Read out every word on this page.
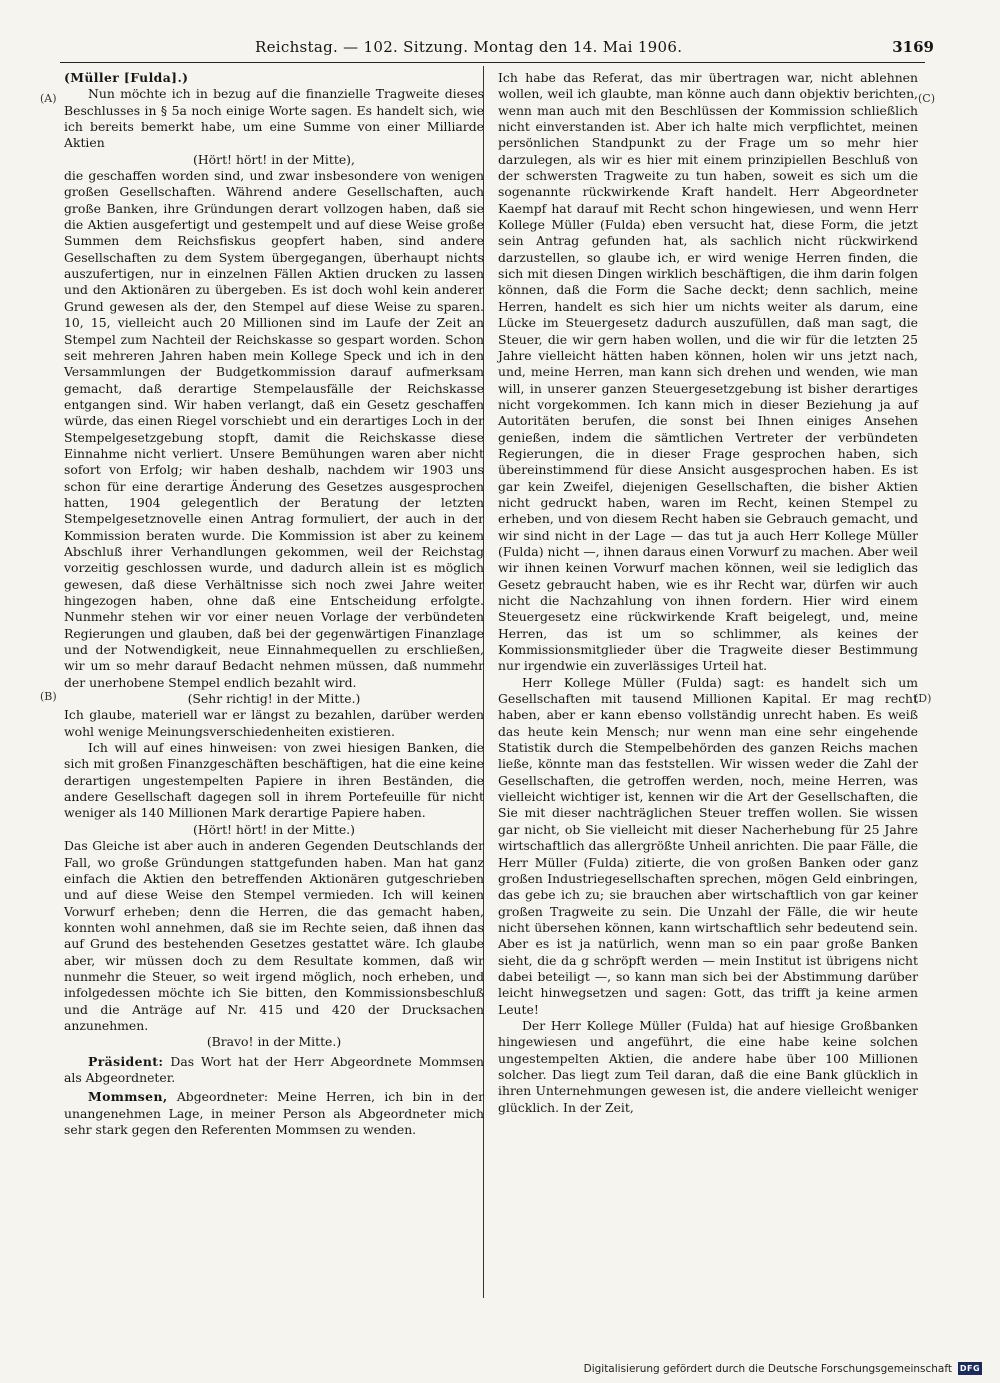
Reichstag. — 102. Sitzung. Montag den 14. Mai 1906.	3169
(A)
(B)
(C)
(D)

(Müller [Fulda].)

Nun möchte ich in bezug auf die finanzielle Tragweite dieses Beschlusses in § 5a noch einige Worte sagen. Es handelt sich, wie ich bereits bemerkt habe, um eine Summe von einer Milliarde Aktien

(Hört! hört! in der Mitte),

die geschaffen worden sind, und zwar insbesondere von wenigen großen Gesellschaften. Während andere Gesellschaften, auch große Banken, ihre Gründungen derart vollzogen haben, daß sie die Aktien ausgefertigt und gestempelt und auf diese Weise große Summen dem Reichsfiskus geopfert haben, sind andere Gesellschaften zu dem System übergegangen, überhaupt nichts auszufertigen, nur in einzelnen Fällen Aktien drucken zu lassen und den Aktionären zu übergeben. Es ist doch wohl kein anderer Grund gewesen als der, den Stempel auf diese Weise zu sparen. 10, 15, vielleicht auch 20 Millionen sind im Laufe der Zeit an Stempel zum Nachteil der Reichskasse so gespart worden. Schon seit mehreren Jahren haben mein Kollege Speck und ich in den Versammlungen der Budgetkommission darauf aufmerksam gemacht, daß derartige Stempelausfälle der Reichskasse entgangen sind. Wir haben verlangt, daß ein Gesetz geschaffen würde, das einen Riegel vorschiebt und ein derartiges Loch in der Stempelgesetzgebung stopft, damit die Reichskasse diese Einnahme nicht verliert. Unsere Bemühungen waren aber nicht sofort von Erfolg; wir haben deshalb, nachdem wir 1903 uns schon für eine derartige Änderung des Gesetzes ausgesprochen hatten, 1904 gelegentlich der Beratung der letzten Stempelgesetznovelle einen Antrag formuliert, der auch in der Kommission beraten wurde. Die Kommission ist aber zu keinem Abschluß ihrer Verhandlungen gekommen, weil der Reichstag vorzeitig geschlossen wurde, und dadurch allein ist es möglich gewesen, daß diese Verhältnisse sich noch zwei Jahre weiter hingezogen haben, ohne daß eine Entscheidung erfolgte. Nunmehr stehen wir vor einer neuen Vorlage der verbündeten Regierungen und glauben, daß bei der gegenwärtigen Finanzlage und der Notwendigkeit, neue Einnahmequellen zu erschließen, wir um so mehr darauf Bedacht nehmen müssen, daß nummehr der unerhobene Stempel endlich bezahlt wird.

(Sehr richtig! in der Mitte.)

Ich glaube, materiell war er längst zu bezahlen, darüber werden wohl wenige Meinungsverschiedenheiten existieren.

Ich will auf eines hinweisen: von zwei hiesigen Banken, die sich mit großen Finanzgeschäften beschäftigen, hat die eine keine derartigen ungestempelten Papiere in ihren Beständen, die andere Gesellschaft dagegen soll in ihrem Portefeuille für nicht weniger als 140 Millionen Mark derartige Papiere haben.

(Hört! hört! in der Mitte.)

Das Gleiche ist aber auch in anderen Gegenden Deutschlands der Fall, wo große Gründungen stattgefunden haben. Man hat ganz einfach die Aktien den betreffenden Aktionären gutgeschrieben und auf diese Weise den Stempel vermieden. Ich will keinen Vorwurf erheben; denn die Herren, die das gemacht haben, konnten wohl annehmen, daß sie im Rechte seien, daß ihnen das auf Grund des bestehenden Gesetzes gestattet wäre. Ich glaube aber, wir müssen doch zu dem Resultate kommen, daß wir nunmehr die Steuer, so weit irgend möglich, noch erheben, und infolgedessen möchte ich Sie bitten, den Kommissionsbeschluß und die Anträge auf Nr. 415 und 420 der Drucksachen anzunehmen.

(Bravo! in der Mitte.)

Präsident: Das Wort hat der Herr Abgeordnete Mommsen als Abgeordneter.

Mommsen, Abgeordneter: Meine Herren, ich bin in der unangenehmen Lage, in meiner Person als Abgeordneter mich sehr stark gegen den Referenten Mommsen zu wenden.

Ich habe das Referat, das mir übertragen war, nicht ablehnen wollen, weil ich glaubte, man könne auch dann objektiv berichten, wenn man auch mit den Beschlüssen der Kommission schließlich nicht einverstanden ist. Aber ich halte mich verpflichtet, meinen persönlichen Standpunkt zu der Frage um so mehr hier darzulegen, als wir es hier mit einem prinzipiellen Beschluß von der schwersten Tragweite zu tun haben, soweit es sich um die sogenannte rückwirkende Kraft handelt. Herr Abgeordneter Kaempf hat darauf mit Recht schon hingewiesen, und wenn Herr Kollege Müller (Fulda) eben versucht hat, diese Form, die jetzt sein Antrag gefunden hat, als sachlich nicht rückwirkend darzustellen, so glaube ich, er wird wenige Herren finden, die sich mit diesen Dingen wirklich beschäftigen, die ihm darin folgen können, daß die Form die Sache deckt; denn sachlich, meine Herren, handelt es sich hier um nichts weiter als darum, eine Lücke im Steuergesetz dadurch auszufüllen, daß man sagt, die Steuer, die wir gern haben wollen, und die wir für die letzten 25 Jahre vielleicht hätten haben können, holen wir uns jetzt nach, und, meine Herren, man kann sich drehen und wenden, wie man will, in unserer ganzen Steuergesetzgebung ist bisher derartiges nicht vorgekommen. Ich kann mich in dieser Beziehung ja auf Autoritäten berufen, die sonst bei Ihnen einiges Ansehen genießen, indem die sämtlichen Vertreter der verbündeten Regierungen, die in dieser Frage gesprochen haben, sich übereinstimmend für diese Ansicht ausgesprochen haben. Es ist gar kein Zweifel, diejenigen Gesellschaften, die bisher Aktien nicht gedruckt haben, waren im Recht, keinen Stempel zu erheben, und von diesem Recht haben sie Gebrauch gemacht, und wir sind nicht in der Lage — das tut ja auch Herr Kollege Müller (Fulda) nicht —, ihnen daraus einen Vorwurf zu machen. Aber weil wir ihnen keinen Vorwurf machen können, weil sie lediglich das Gesetz gebraucht haben, wie es ihr Recht war, dürfen wir auch nicht die Nachzahlung von ihnen fordern. Hier wird einem Steuergesetz eine rückwirkende Kraft beigelegt, und, meine Herren, das ist um so schlimmer, als keines der Kommissionsmitglieder über die Tragweite dieser Bestimmung nur irgendwie ein zuverlässiges Urteil hat.

Herr Kollege Müller (Fulda) sagt: es handelt sich um Gesellschaften mit tausend Millionen Kapital. Er mag recht haben, aber er kann ebenso vollständig unrecht haben. Es weiß das heute kein Mensch; nur wenn man eine sehr eingehende Statistik durch die Stempelbehörden des ganzen Reichs machen ließe, könnte man das feststellen. Wir wissen weder die Zahl der Gesellschaften, die getroffen werden, noch, meine Herren, was vielleicht wichtiger ist, kennen wir die Art der Gesellschaften, die Sie mit dieser nachträglichen Steuer treffen wollen. Sie wissen gar nicht, ob Sie vielleicht mit dieser Nacherhebung für 25 Jahre wirtschaftlich das allergrößte Unheil anrichten. Die paar Fälle, die Herr Müller (Fulda) zitierte, die von großen Banken oder ganz großen Industriegesellschaften sprechen, mögen Geld einbringen, das gebe ich zu; sie brauchen aber wirtschaftlich von gar keiner großen Tragweite zu sein. Die Unzahl der Fälle, die wir heute nicht übersehen können, kann wirtschaftlich sehr bedeutend sein. Aber es ist ja natürlich, wenn man so ein paar große Banken sieht, die da g schröpft werden — mein Institut ist übrigens nicht dabei beteiligt —, so kann man sich bei der Abstimmung darüber leicht hinwegsetzen und sagen: Gott, das trifft ja keine armen Leute!

Der Herr Kollege Müller (Fulda) hat auf hiesige Großbanken hingewiesen und angeführt, die eine habe keine solchen ungestempelten Aktien, die andere habe über 100 Millionen solcher. Das liegt zum Teil daran, daß die eine Bank glücklich in ihren Unternehmungen gewesen ist, die andere vielleicht weniger glücklich. In der Zeit,

Digitalisierung gefördert durch die Deutsche Forschungsgemeinschaft DFG
